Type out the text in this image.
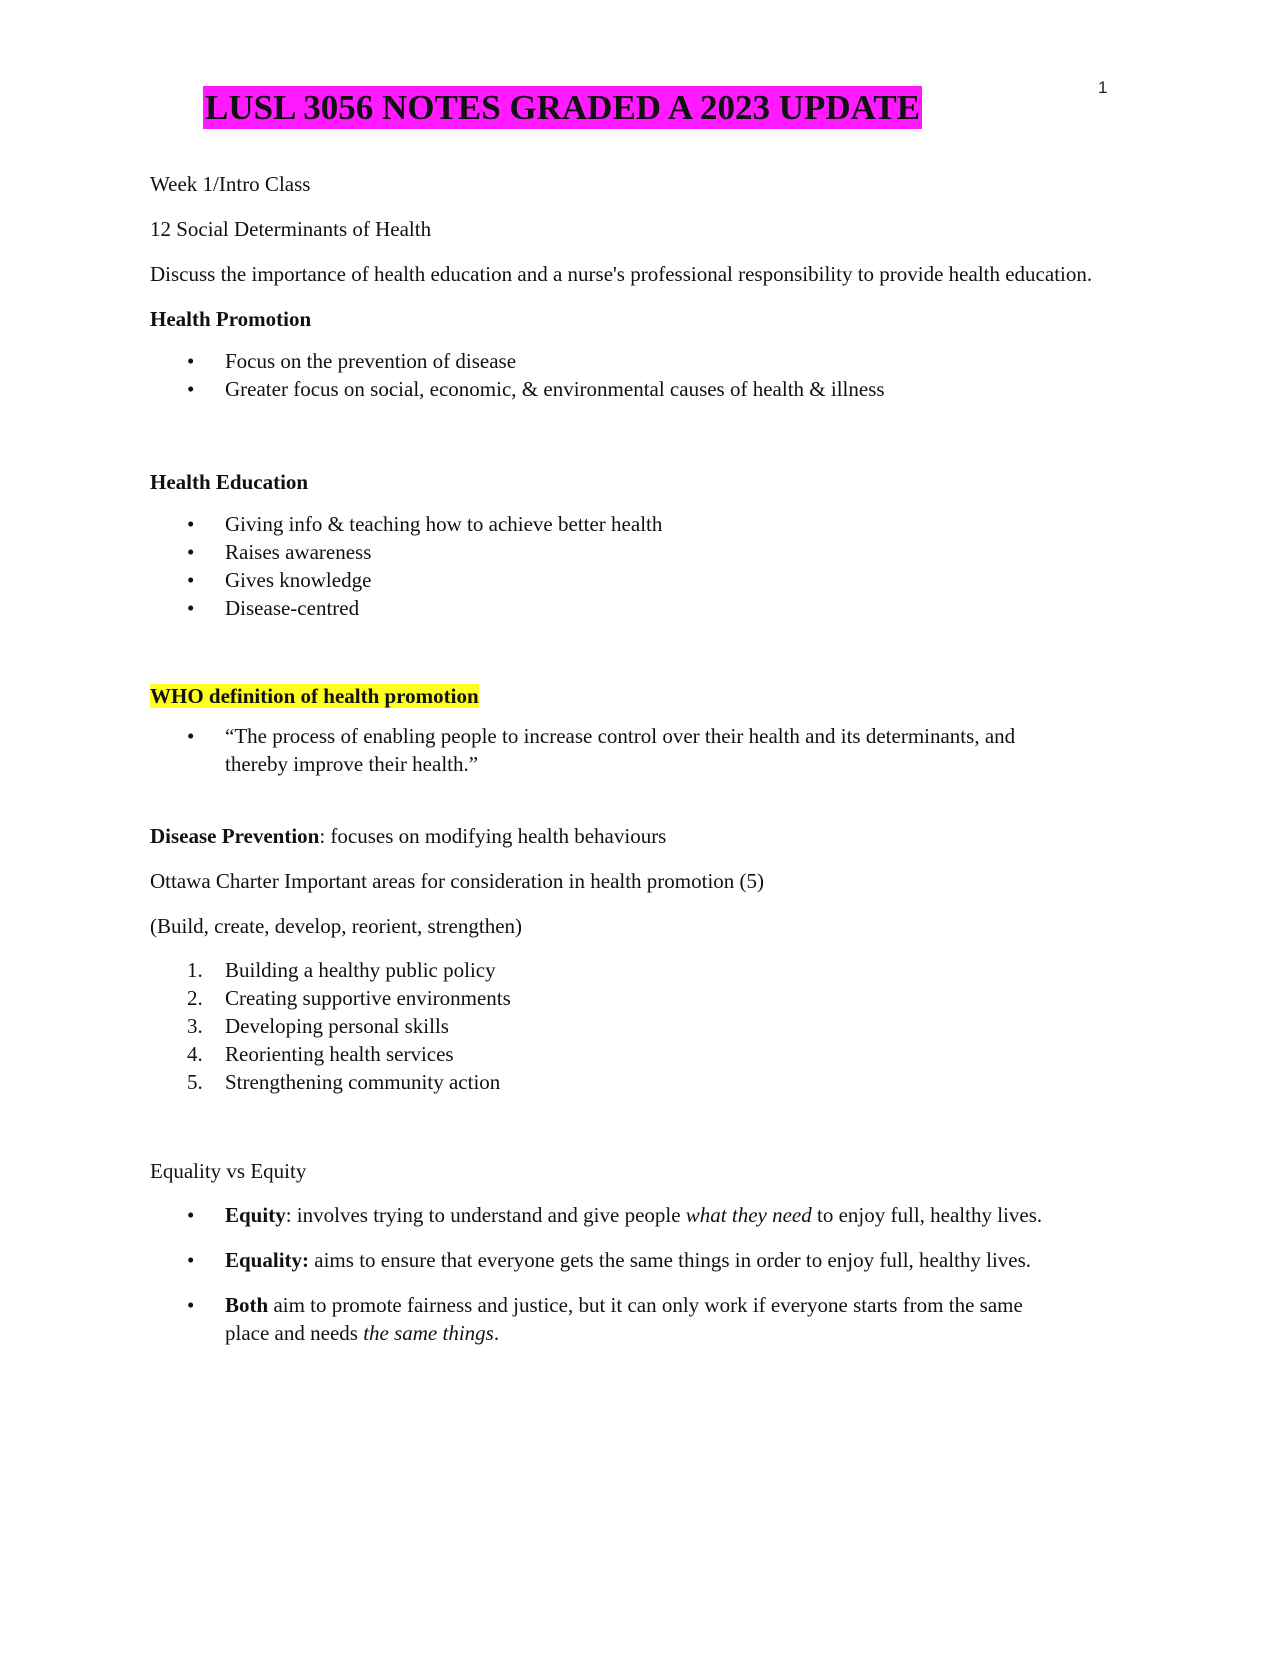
1
LUSL 3056 NOTES GRADED A 2023 UPDATE

Week 1/Intro Class

12 Social Determinants of Health

Discuss the importance of health education and a nurse's professional responsibility to provide health education.

Health Promotion

• Focus on the prevention of disease
• Greater focus on social, economic, & environmental causes of health & illness

Health Education

• Giving info & teaching how to achieve better health
• Raises awareness
• Gives knowledge
• Disease-centred

WHO definition of health promotion

• “The process of enabling people to increase control over their health and its determinants, and thereby improve their health.”

Disease Prevention: focuses on modifying health behaviours

Ottawa Charter Important areas for consideration in health promotion (5)

(Build, create, develop, reorient, strengthen)

1. Building a healthy public policy
2. Creating supportive environments
3. Developing personal skills
4. Reorienting health services
5. Strengthening community action

Equality vs Equity

• Equity: involves trying to understand and give people what they need to enjoy full, healthy lives.
• Equality: aims to ensure that everyone gets the same things in order to enjoy full, healthy lives.
• Both aim to promote fairness and justice, but it can only work if everyone starts from the same place and needs the same things.
